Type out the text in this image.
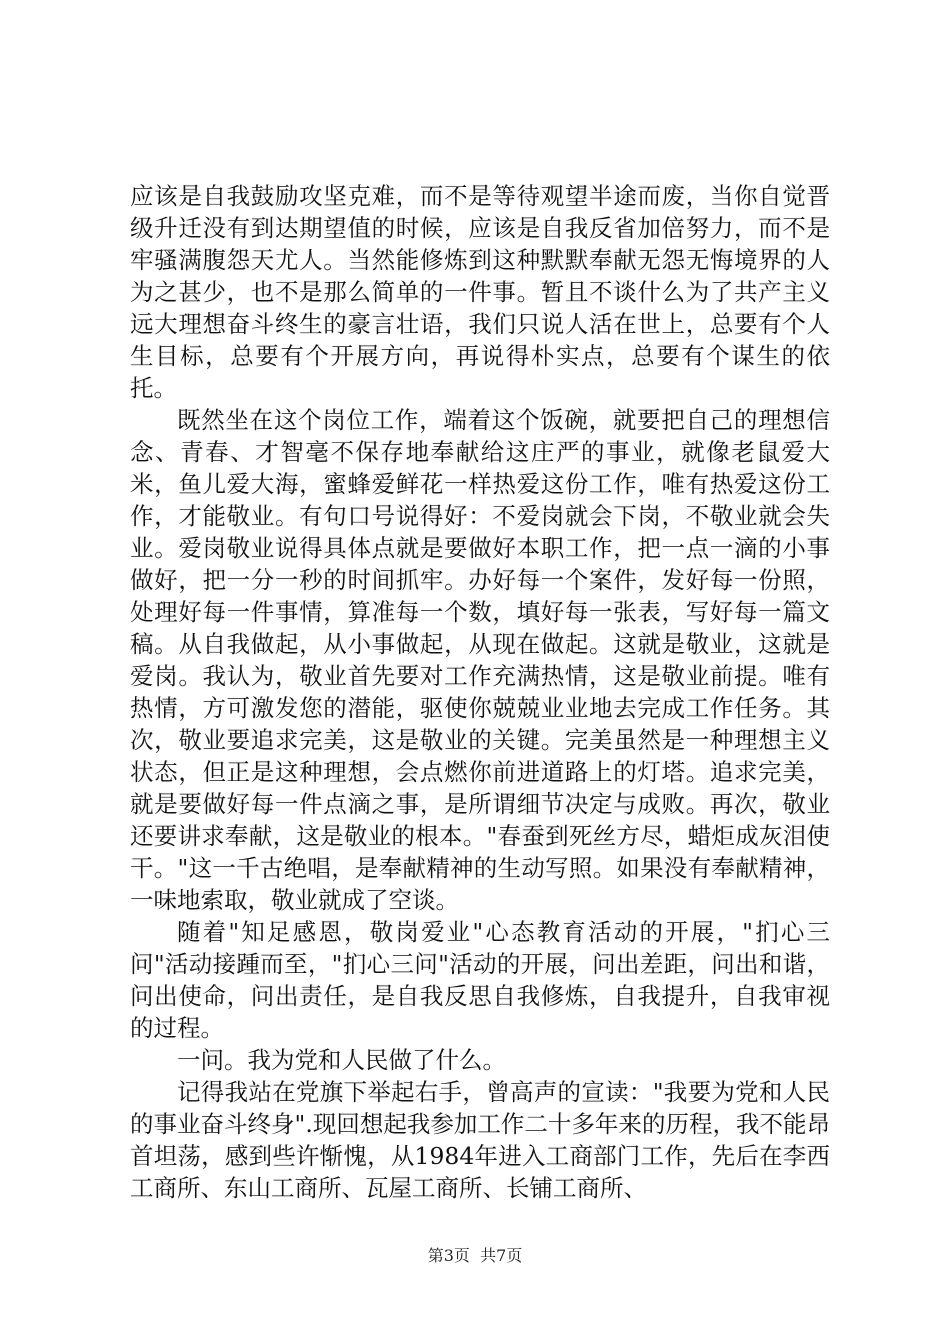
应该是自我鼓励攻坚克难，而不是等待观望半途而废，当你自觉晋级升迁没有到达期望值的时候，应该是自我反省加倍努力，而不是牢骚满腹怨天尤人。当然能修炼到这种默默奉献无怨无悔境界的人为之甚少，也不是那么简单的一件事。暂且不谈什么为了共产主义远大理想奋斗终生的豪言壮语，我们只说人活在世上，总要有个人生目标，总要有个开展方向，再说得朴实点，总要有个谋生的依托。

既然坐在这个岗位工作，端着这个饭碗，就要把自己的理想信念、青春、才智毫不保存地奉献给这庄严的事业，就像老鼠爱大米，鱼儿爱大海，蜜蜂爱鲜花一样热爱这份工作，唯有热爱这份工作，才能敬业。有句口号说得好：不爱岗就会下岗，不敬业就会失业。爱岗敬业说得具体点就是要做好本职工作，把一点一滴的小事做好，把一分一秒的时间抓牢。办好每一个案件，发好每一份照，处理好每一件事情，算准每一个数，填好每一张表，写好每一篇文稿。从自我做起，从小事做起，从现在做起。这就是敬业，这就是爱岗。我认为，敬业首先要对工作充满热情，这是敬业前提。唯有热情，方可激发您的潜能，驱使你兢兢业业地去完成工作任务。其次，敬业要追求完美，这是敬业的关键。完美虽然是一种理想主义状态，但正是这种理想，会点燃你前进道路上的灯塔。追求完美，就是要做好每一件点滴之事，是所谓细节决定与成败。再次，敬业还要讲求奉献，这是敬业的根本。"春蚕到死丝方尽，蜡炬成灰泪使干。"这一千古绝唱，是奉献精神的生动写照。如果没有奉献精神，一味地索取，敬业就成了空谈。

随着"知足感恩，敬岗爱业"心态教育活动的开展，"扪心三问"活动接踵而至，"扪心三问"活动的开展，问出差距，问出和谐，问出使命，问出责任，是自我反思自我修炼，自我提升，自我审视的过程。

一问。我为党和人民做了什么。

记得我站在党旗下举起右手，曾高声的宣读："我要为党和人民的事业奋斗终身".现回想起我参加工作二十多年来的历程，我不能昂首坦荡，感到些许惭愧，从1984年进入工商部门工作，先后在李西工商所、东山工商所、瓦屋工商所、长铺工商所、

第3页  共7页
